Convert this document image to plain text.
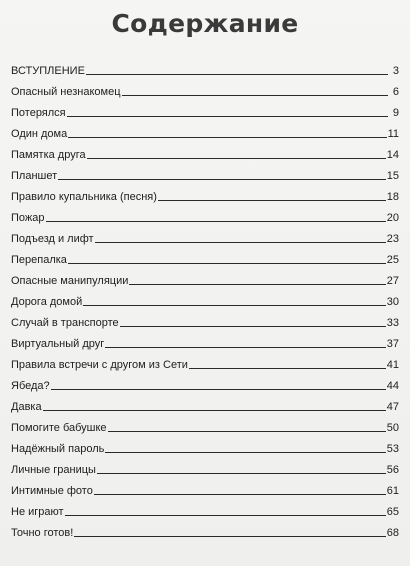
Содержание
ВСТУПЛЕНИЕ	3
Опасный незнакомец	6
Потерялся	9
Один дома	11
Памятка друга	14
Планшет	15
Правило купальника (песня)	18
Пожар	20
Подъезд и лифт	23
Перепалка	25
Опасные манипуляции	27
Дорога домой	30
Случай в транспорте	33
Виртуальный друг	37
Правила встречи с другом из Сети	41
Ябеда?	44
Давка	47
Помогите бабушке	50
Надёжный пароль	53
Личные границы	56
Интимные фото	61
Не играют	65
Точно готов!	68
